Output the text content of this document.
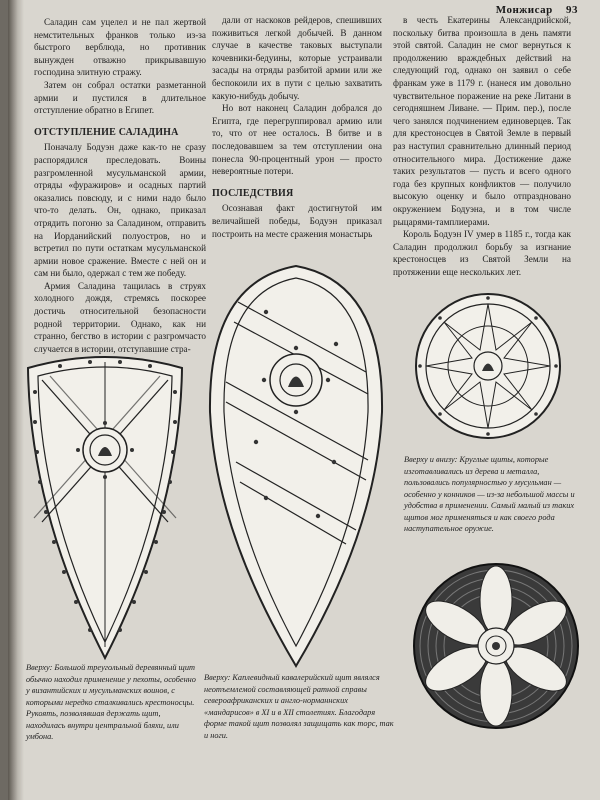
Монжисар 93

Саладин сам уцелел и не пал жертвой немстительных франков только из-за быстрого верблюда, но противник вынужден отважно прикрывавшую господина элитную стражу.

Затем он собрал остатки разметанной армии и пустился в длительное отступление обратно в Египет.

ОТСТУПЛЕНИЕ САЛАДИНА

Поначалу Бодуэн даже как-то не сразу распорядился преследовать. Воины разгромленной мусульманской армии, отряды «фуражиров» и осадных партий оказались повсюду, и с ними надо было что-то делать. Он, однако, приказал отрядить погоню за Саладином, отправить на Иорданийский полуостров, но и встретил по пути остаткам мусульманской армии новое сражение. Вместе с ней он и сам ни было, одержал с тем же победу.

Армия Саладина тащилась в струях холодного дождя, стремясь поскорее достичь относительной безопасности родной территории. Однако, как ни странно, бегство в истории с разгромчасто случается в истории, отступавшие стра-

дали от наскоков рейдеров, спешивших поживиться легкой добычей. В данном случае в качестве таковых выступали кочевники-бедуины, которые устраивали засады на отряды разбитой армии или же беспокоили их в пути с целью захватить какую-нибудь добычу.

Но вот наконец Саладин добрался до Египта, где перегруппировал армию или то, что от нее осталось. В битве и в последовавшем за тем отступлении она понесла 90-процентный урон — просто невероятные потери.

ПОСЛЕДСТВИЯ

Осознавая факт достигнутой им величайшей победы, Бодуэн приказал построить на месте сражения монастырь

в честь Екатерины Александрийской, поскольку битва произошла в день памяти этой святой. Саладин не смог вернуться к продолжению враждебных действий на следующий год, однако он заявил о себе франкам уже в 1179 г. (нанеся им довольно чувствительное поражение на реке Литани в сегодняшнем Ливане. — Прим. пер.), после чего занялся подчинением единоверцев. Так для крестоносцев в Святой Земле в первый раз наступил сравнительно длинный период относительного мира. Достижение даже таких результатов — пусть и всего одного года без крупных конфликтов — получило высокую оценку и было отпраздновано окружением Бодуэна, и в том числе рыцарями-тамплиерами.

Король Бодуэн IV умер в 1185 г., тогда как Саладин продолжил борьбу за изгнание крестоносцев из Святой Земли на протяжении еще нескольких лет.

Вверху: Большой треугольный деревянный щит обычно находил применение у пехоты, особенно у византийских и мусульманских воинов, с которыми нередко сталкивались крестоносцы. Рукоять, позволявшая держать щит, находилась внутри центральной бляхи, или умбона.
Вверху: Каплевидный кавалерийский щит являлся неотъемлемой составляющей ратной справы североафриканских и англо-норманнских «мандарисов» в XI и в XII столетиях. Благодаря форме такой щит позволял защищать как торс, так и ноги.
Вверху и внизу: Круглые щиты, которые изготавливались из дерева и металла, пользовались популярностью у мусульман — особенно у конников — из-за небольшой массы и удобства в применении. Самый малый из таких щитов мог применяться и как своего рода наступательное оружие.
